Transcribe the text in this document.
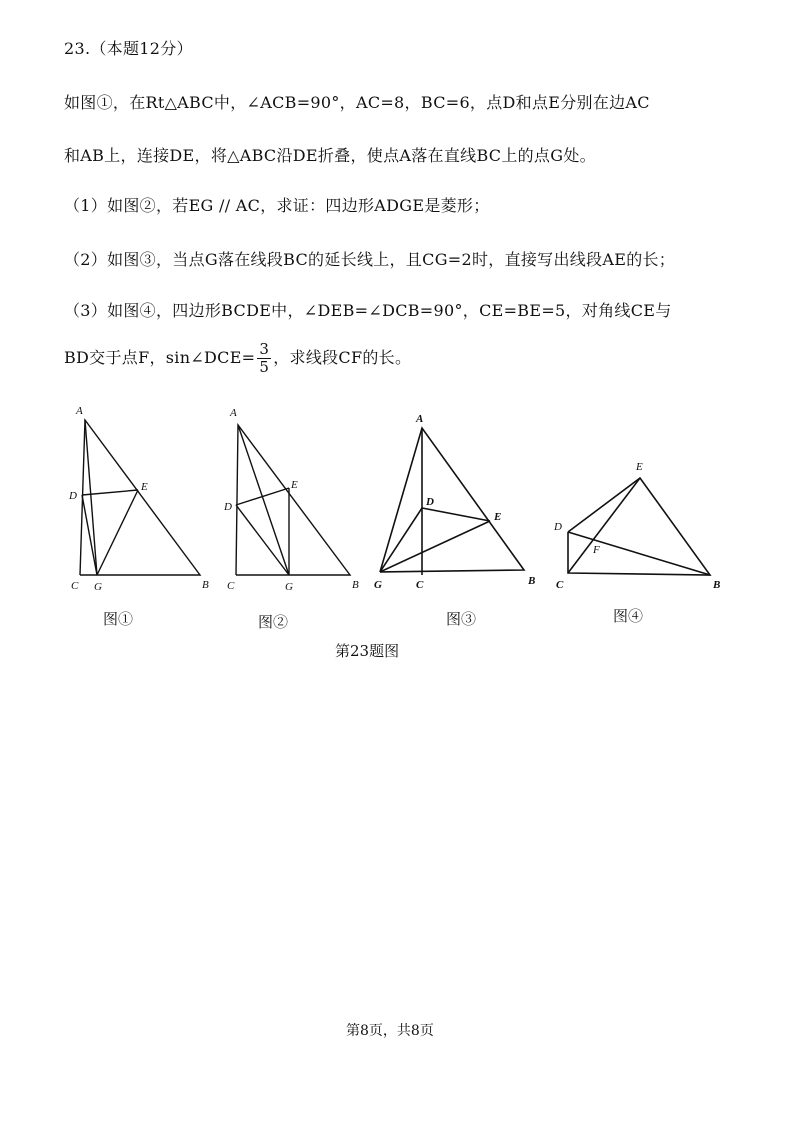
23.（本题12分）
如图①，在Rt△ABC中，∠ACB=90°，AC=8，BC=6，点D和点E分别在边AC
和AB上，连接DE，将△ABC沿DE折叠，使点A落在直线BC上的点G处。
（1）如图②，若EG // AC，求证：四边形ADGE是菱形；
（2）如图③，当点G落在线段BC的延长线上，且CG=2时，直接写出线段AE的长；
（3）如图④，四边形BCDE中，∠DEB=∠DCB=90°，CE=BE=5，对角线CE与
BD交于点F，sin∠DCE= $\frac{3}{5}$ ，求线段CF的长。
A
D
E
C G	B
A
D
E
C	G	B
A
D
E
G	C	B
E
D
F
C	B
图①	图②	图③	图④
第23题图
第8页，共8页
